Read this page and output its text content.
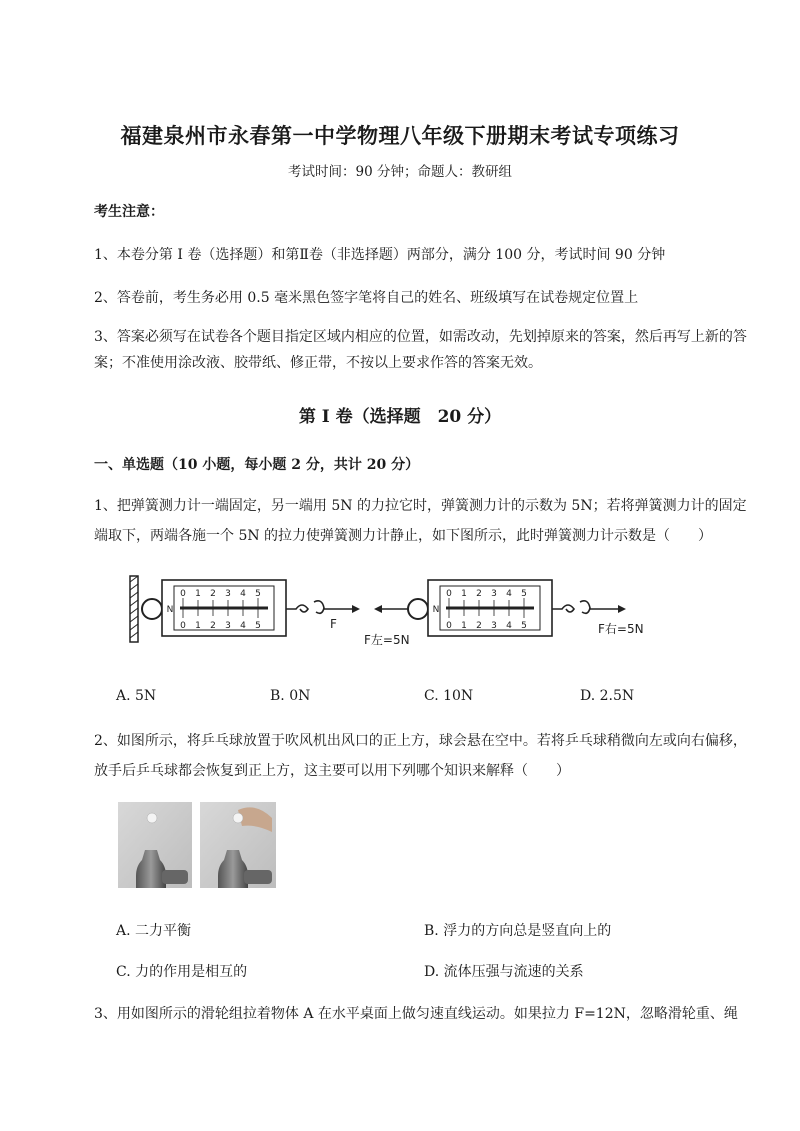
福建泉州市永春第一中学物理八年级下册期末考试专项练习
考试时间：90 分钟；命题人：教研组
考生注意：
1、本卷分第 I 卷（选择题）和第Ⅱ卷（非选择题）两部分，满分 100 分，考试时间 90 分钟
2、答卷前，考生务必用 0.5 毫米黑色签字笔将自己的姓名、班级填写在试卷规定位置上
3、答案必须写在试卷各个题目指定区域内相应的位置，如需改动，先划掉原来的答案，然后再写上新的答案；不准使用涂改液、胶带纸、修正带，不按以上要求作答的答案无效。
第 I 卷（选择题　20 分）
一、单选题（10 小题，每小题 2 分，共计 20 分）
1、把弹簧测力计一端固定，另一端用 5N 的力拉它时，弹簧测力计的示数为 5N；若将弹簧测力计的固定端取下，两端各施一个 5N 的拉力使弹簧测力计静止，如下图所示，此时弹簧测力计示数是（　　）
0 1 2 3 4 5
0 1 2 3 4 5
N
F
0 1 2 3 4 5
0 1 2 3 4 5
N
F左=5N
F右=5N
A. 5N	B. 0N	C. 10N	D. 2.5N
2、如图所示，将乒乓球放置于吹风机出风口的正上方，球会悬在空中。若将乒乓球稍微向左或向右偏移，放手后乒乓球都会恢复到正上方，这主要可以用下列哪个知识来解释（　　）
A. 二力平衡	B. 浮力的方向总是竖直向上的
C. 力的作用是相互的	D. 流体压强与流速的关系
3、用如图所示的滑轮组拉着物体 A 在水平桌面上做匀速直线运动。如果拉力 F=12N，忽略滑轮重、绳
